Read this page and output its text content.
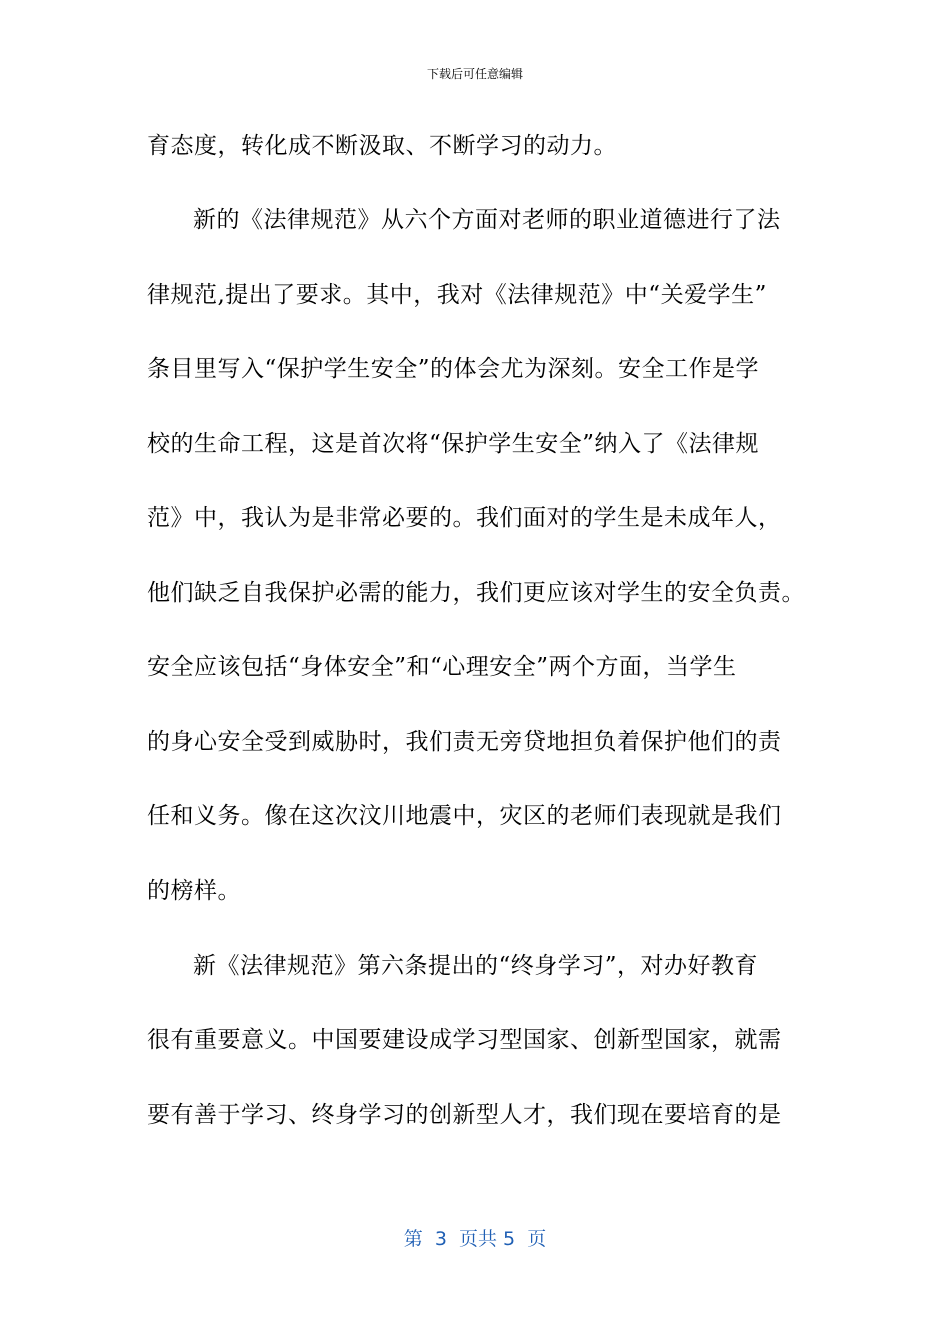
下载后可任意编辑
育态度，转化成不断汲取、不断学习的动力。
新的《法律规范》从六个方面对老师的职业道德进行了法
律规范,提出了要求。其中，我对《法律规范》中“关爱学生”
条目里写入“保护学生安全”的体会尤为深刻。安全工作是学
校的生命工程，这是首次将“保护学生安全”纳入了《法律规
范》中，我认为是非常必要的。我们面对的学生是未成年人，
他们缺乏自我保护必需的能力，我们更应该对学生的安全负责。
安全应该包括“身体安全”和“心理安全”两个方面，当学生
的身心安全受到威胁时，我们责无旁贷地担负着保护他们的责
任和义务。像在这次汶川地震中，灾区的老师们表现就是我们
的榜样。
新《法律规范》第六条提出的“终身学习”，对办好教育
很有重要意义。中国要建设成学习型国家、创新型国家，就需
要有善于学习、终身学习的创新型人才，我们现在要培育的是
第  3  页共 5  页
